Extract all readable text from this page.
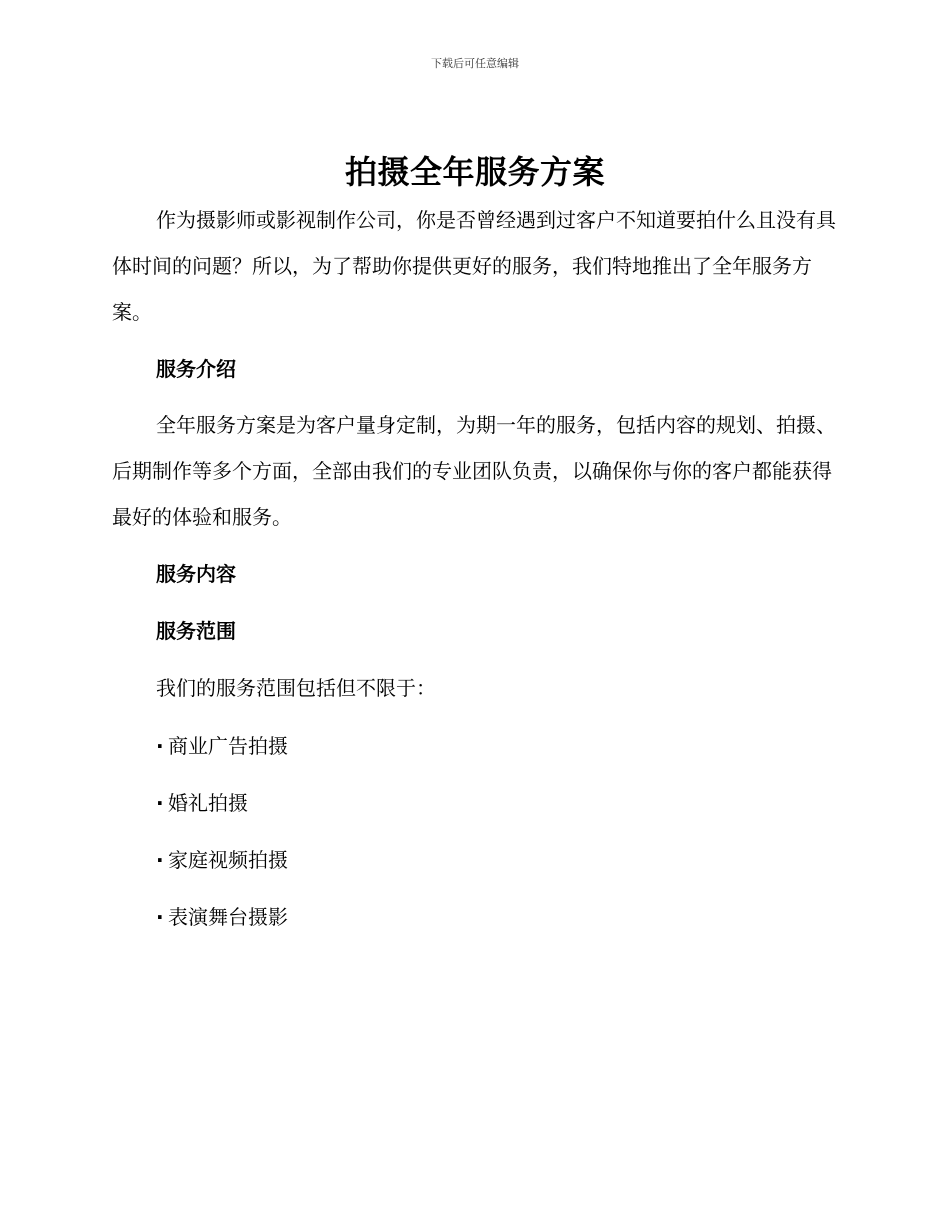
下载后可任意编辑
拍摄全年服务方案

作为摄影师或影视制作公司，你是否曾经遇到过客户不知道要拍什么且没有具体时间的问题？所以，为了帮助你提供更好的服务，我们特地推出了全年服务方案。

服务介绍

全年服务方案是为客户量身定制，为期一年的服务，包括内容的规划、拍摄、后期制作等多个方面，全部由我们的专业团队负责，以确保你与你的客户都能获得最好的体验和服务。

服务内容
服务范围

我们的服务范围包括但不限于：

· 商业广告拍摄

· 婚礼拍摄

· 家庭视频拍摄

· 表演舞台摄影
